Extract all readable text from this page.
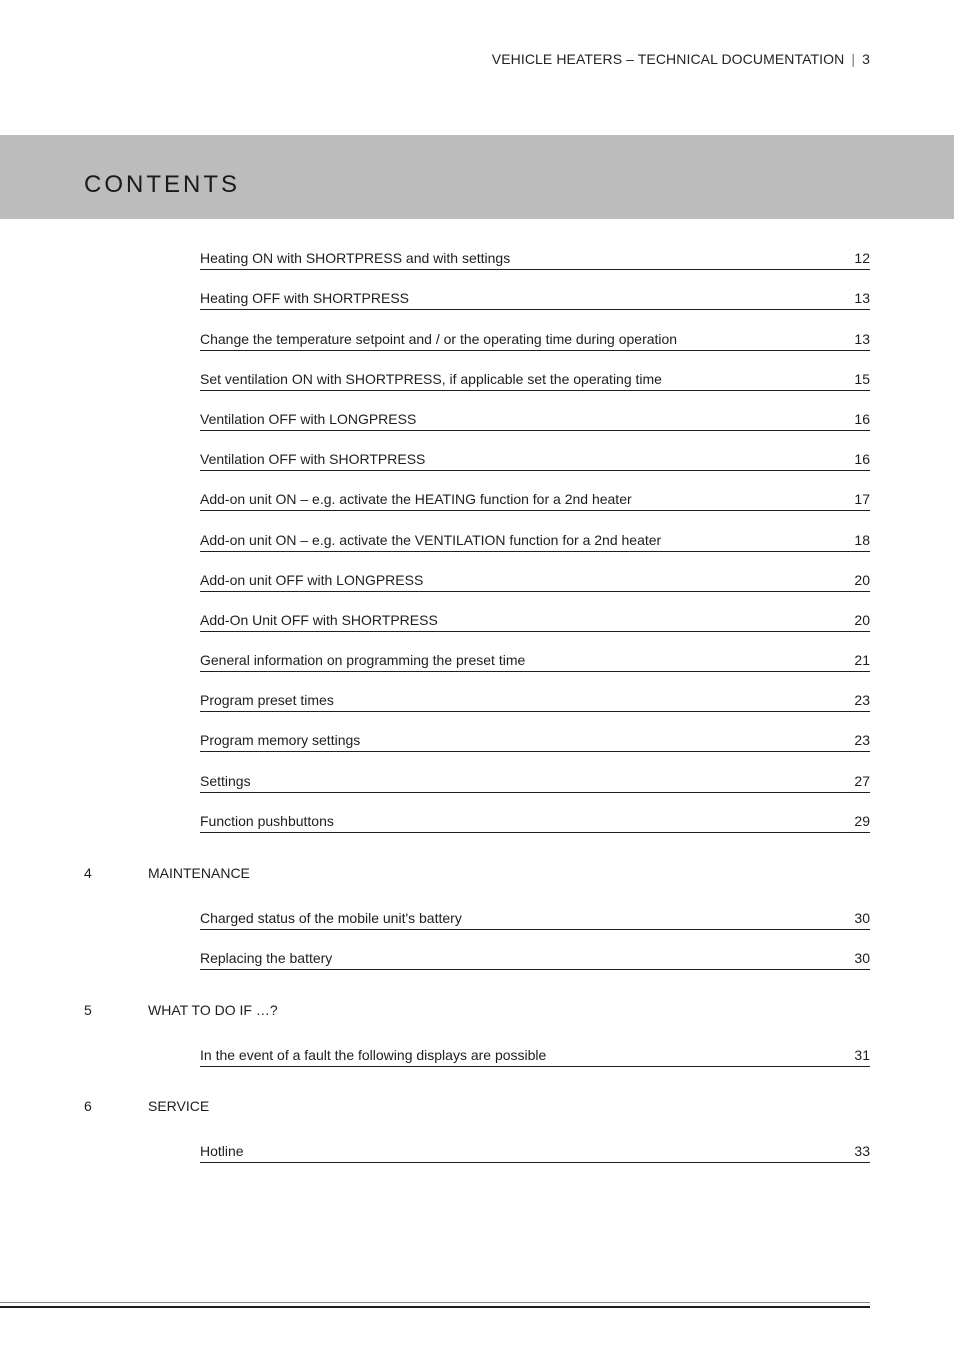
VEHICLE HEATERS – TECHNICAL DOCUMENTATION | 3
CONTENTS
Heating ON with SHORTPRESS and with settings	12
Heating OFF with SHORTPRESS	13
Change the temperature setpoint and / or the operating time during operation	13
Set ventilation ON with SHORTPRESS, if applicable set the operating time	15
Ventilation OFF with LONGPRESS	16
Ventilation OFF with SHORTPRESS	16
Add-on unit ON – e.g. activate the HEATING function for a 2nd heater	17
Add-on unit ON – e.g. activate the VENTILATION function for a 2nd heater	18
Add-on unit OFF with LONGPRESS	20
Add-On Unit OFF with SHORTPRESS	20
General information on programming the preset time	21
Program preset times	23
Program memory settings	23
Settings	27
Function pushbuttons	29
4	MAINTENANCE
Charged status of the mobile unit's battery	30
Replacing the battery	30
5	WHAT TO DO IF …?
In the event of a fault the following displays are possible	31
6	SERVICE
Hotline	33
